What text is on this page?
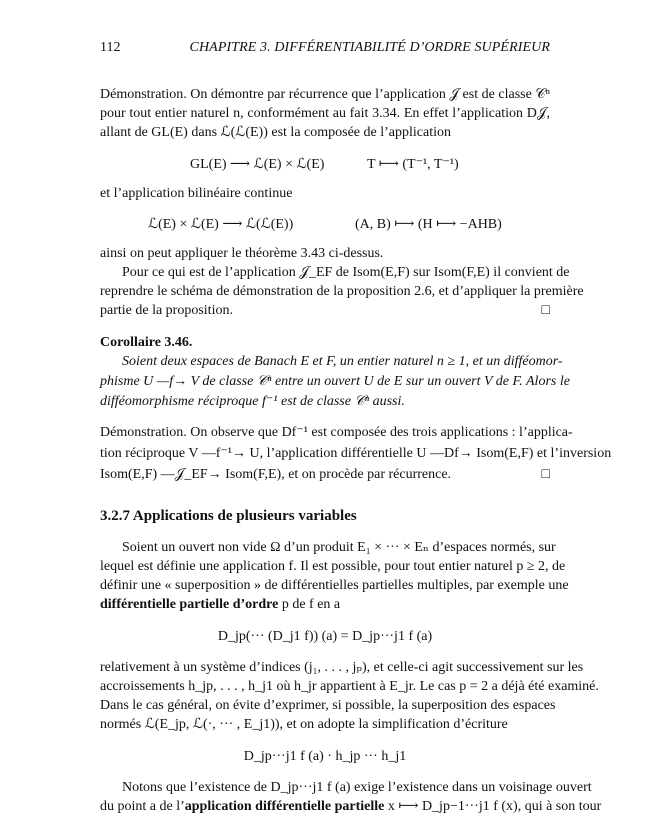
112	CHAPITRE 3. DIFFÉRENTIABILITÉ D’ORDRE SUPÉRIEUR
Démonstration. On démontre par récurrence que l’application 𝒥 est de classe 𝒞ⁿ
pour tout entier naturel n, conformément au fait 3.34. En effet l’application D𝒥,
allant de GL(E) dans ℒ(ℒ(E)) est la composée de l’application
GL(E) ⟶ ℒ(E) × ℒ(E)	T ⟼ (T⁻¹, T⁻¹)
et l’application bilinéaire continue
ℒ(E) × ℒ(E) ⟶ ℒ(ℒ(E))	(A, B) ⟼ (H ⟼ −AHB)
ainsi on peut appliquer le théorème 3.43 ci-dessus.
Pour ce qui est de l’application 𝒥_EF de Isom(E,F) sur Isom(F,E) il convient de
reprendre le schéma de démonstration de la proposition 2.6, et d’appliquer la première
partie de la proposition.	□
Corollaire 3.46.
Soient deux espaces de Banach E et F, un entier naturel n ≥ 1, et un difféomor-
phisme U —f→ V de classe 𝒞ⁿ entre un ouvert U de E sur un ouvert V de F. Alors le
difféomorphisme réciproque f⁻¹ est de classe 𝒞ⁿ aussi.
Démonstration. On observe que Df⁻¹ est composée des trois applications : l’applica-
tion réciproque V —f⁻¹→ U, l’application différentielle U —Df→ Isom(E,F) et l’inversion
Isom(E,F) —𝒥_EF→ Isom(F,E), et on procède par récurrence.	□
3.2.7 Applications de plusieurs variables
Soient un ouvert non vide Ω d’un produit E₁ × ··· × Eₙ d’espaces normés, sur
lequel est définie une application f. Il est possible, pour tout entier naturel p ≥ 2, de
définir une « superposition » de différentielles partielles multiples, par exemple une
différentielle partielle d’ordre p de f en a
D_jp(··· (D_j1 f)) (a) = D_jp···j1 f (a)
relativement à un système d’indices (j₁, . . . , jₚ), et celle-ci agit successivement sur les
accroissements h_jp, . . . , h_j1 où h_jr appartient à E_jr. Le cas p = 2 a déjà été examiné.
Dans le cas général, on évite d’exprimer, si possible, la superposition des espaces
normés ℒ(E_jp, ℒ(·, ··· , E_j1)), et on adopte la simplification d’écriture
D_jp···j1 f (a) · h_jp ··· h_j1
Notons que l’existence de D_jp···j1 f (a) exige l’existence dans un voisinage ouvert
du point a de l’application différentielle partielle x ⟼ D_jp−1···j1 f (x), qui à son tour
